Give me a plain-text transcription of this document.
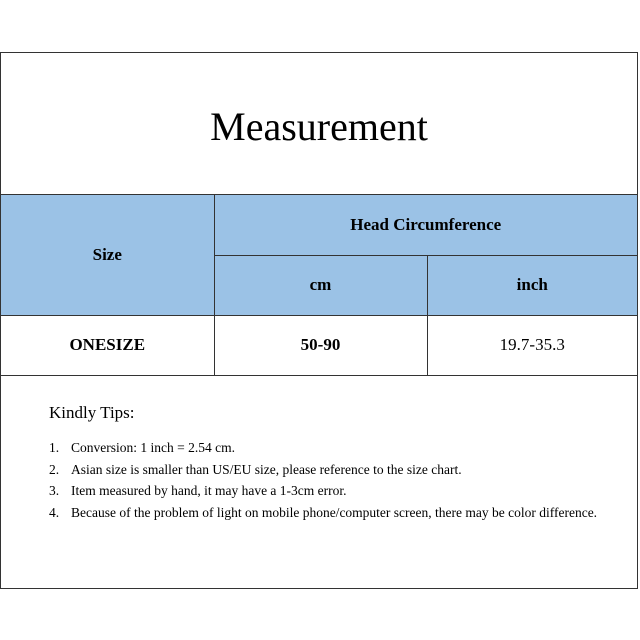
Measurement
Size	Head Circumference	
	cm	inch
ONESIZE	50-90	19.7-35.3

Kindly Tips:

1. Conversion: 1 inch = 2.54 cm.
2. Asian size is smaller than US/EU size, please reference to the size chart.
3. Item measured by hand, it may have a 1-3cm error.
4. Because of the problem of light on mobile phone/computer screen, there may be color difference.
